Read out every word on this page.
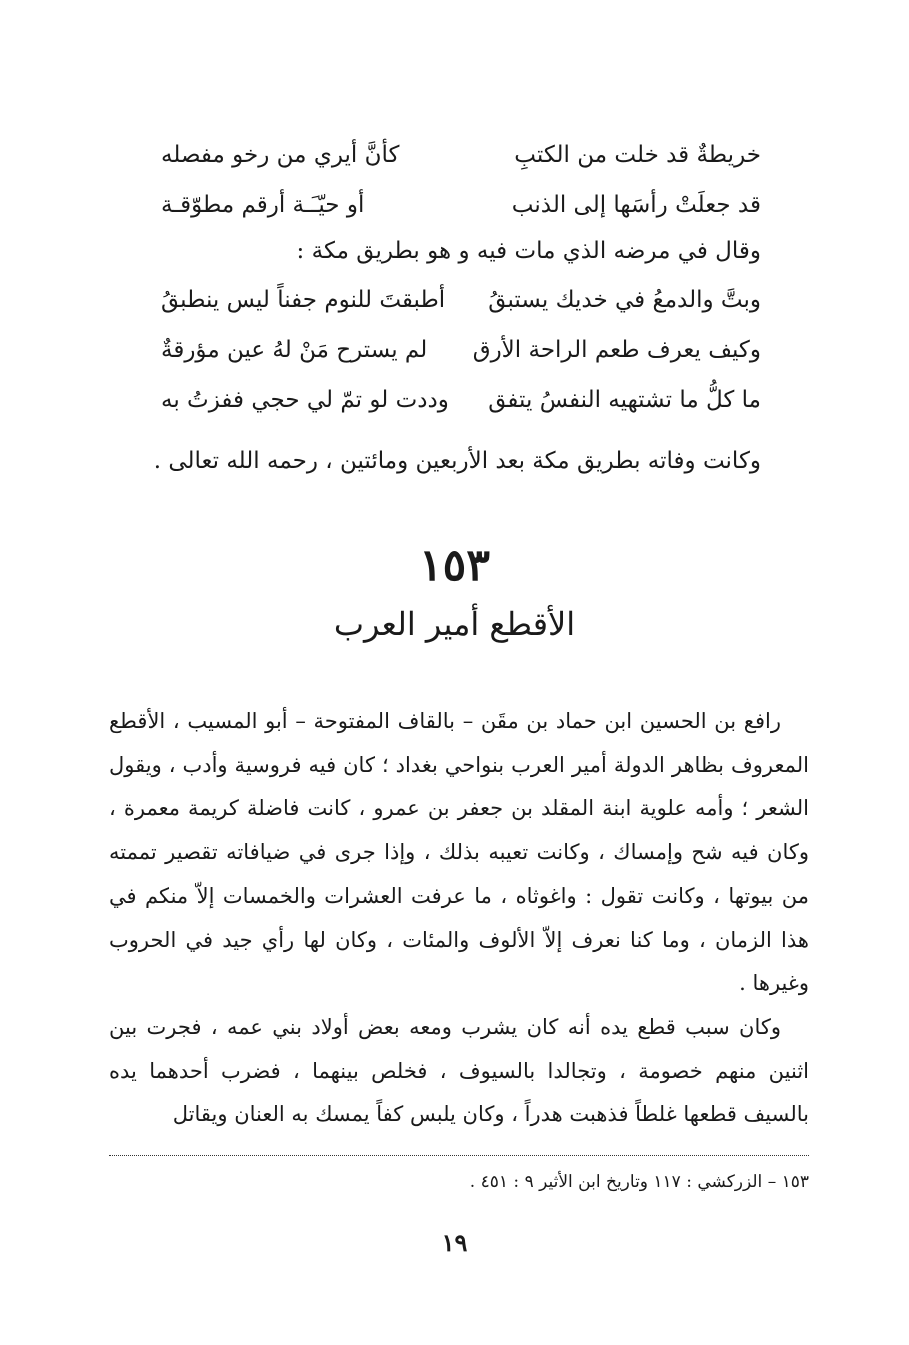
كأنَّ أيري من رخو مفصله	خريطةٌ قد خلت من الكتبِ
أو حيّـَـة أرقم مطوّقـة	قد جعلَتْ رأسَها إلى الذنب
وقال في مرضه الذي مات فيه و هو بطريق مكة :
أطبقتَ للنوم جفناً ليس ينطبقُ وبتَّ والدمعُ في خديك يستبقُ
لم يسترح مَنْ لهُ عين مؤرقةٌ وكيف يعرف طعم الراحة الأرق
وددت لو تمّ لي حجي ففزتُ به ما كلُّ ما تشتهيه النفسُ يتفق
وكانت وفاته بطريق مكة بعد الأربعين ومائتين ، رحمه الله تعالى .
١٥٣
الأقطع أمير العرب

رافع بن الحسين ابن حماد بن مقَن – بالقاف المفتوحة – أبو المسيب ، الأقطع المعروف بظاهر الدولة أمير العرب بنواحي بغداد ؛ كان فيه فروسية وأدب ، ويقول الشعر ؛ وأمه علوية ابنة المقلد بن جعفر بن عمرو ، كانت فاضلة كريمة معمرة ، وكان فيه شح وإمساك ، وكانت تعيبه بذلك ، وإذا جرى في ضيافاته تقصير تممته من بيوتها ، وكانت تقول : واغوثاه ، ما عرفت العشرات والخمسات إلاّ منكم في هذا الزمان ، وما كنا نعرف إلاّ الألوف والمئات ، وكان لها رأي جيد في الحروب وغيرها .

وكان سبب قطع يده أنه كان يشرب ومعه بعض أولاد بني عمه ، فجرت بين اثنين منهم خصومة ، وتجالدا بالسيوف ، فخلص بينهما ، فضرب أحدهما يده بالسيف قطعها غلطاً فذهبت هدراً ، وكان يلبس كفاً يمسك به العنان ويقاتل

١٥٣ – الزركشي : ١١٧ وتاريخ ابن الأثير ٩ : ٤٥١ .
١٩
